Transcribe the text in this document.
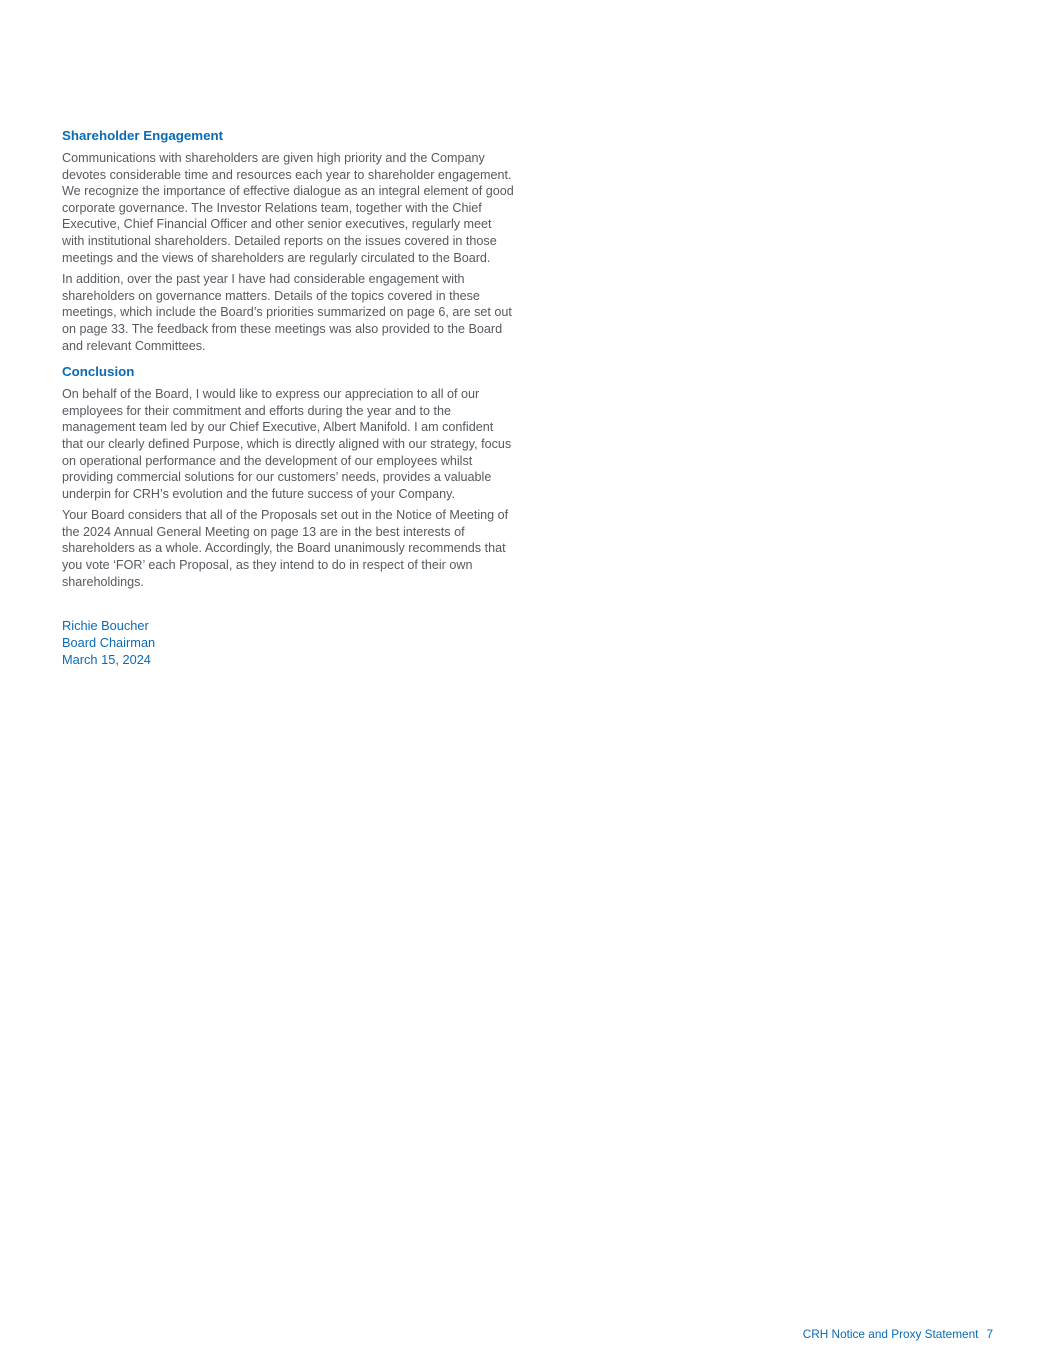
Shareholder Engagement

Communications with shareholders are given high priority and the Company devotes considerable time and resources each year to shareholder engagement. We recognize the importance of effective dialogue as an integral element of good corporate governance. The Investor Relations team, together with the Chief Executive, Chief Financial Officer and other senior executives, regularly meet with institutional shareholders. Detailed reports on the issues covered in those meetings and the views of shareholders are regularly circulated to the Board.

In addition, over the past year I have had considerable engagement with shareholders on governance matters. Details of the topics covered in these meetings, which include the Board’s priorities summarized on page 6, are set out on page 33. The feedback from these meetings was also provided to the Board and relevant Committees.

Conclusion

On behalf of the Board, I would like to express our appreciation to all of our employees for their commitment and efforts during the year and to the management team led by our Chief Executive, Albert Manifold. I am confident that our clearly defined Purpose, which is directly aligned with our strategy, focus on operational performance and the development of our employees whilst providing commercial solutions for our customers’ needs, provides a valuable underpin for CRH’s evolution and the future success of your Company.

Your Board considers that all of the Proposals set out in the Notice of Meeting of the 2024 Annual General Meeting on page 13 are in the best interests of shareholders as a whole. Accordingly, the Board unanimously recommends that you vote ‘FOR’ each Proposal, as they intend to do in respect of their own shareholdings.

Richie Boucher
Board Chairman
March 15, 2024
CRH Notice and Proxy Statement 7
